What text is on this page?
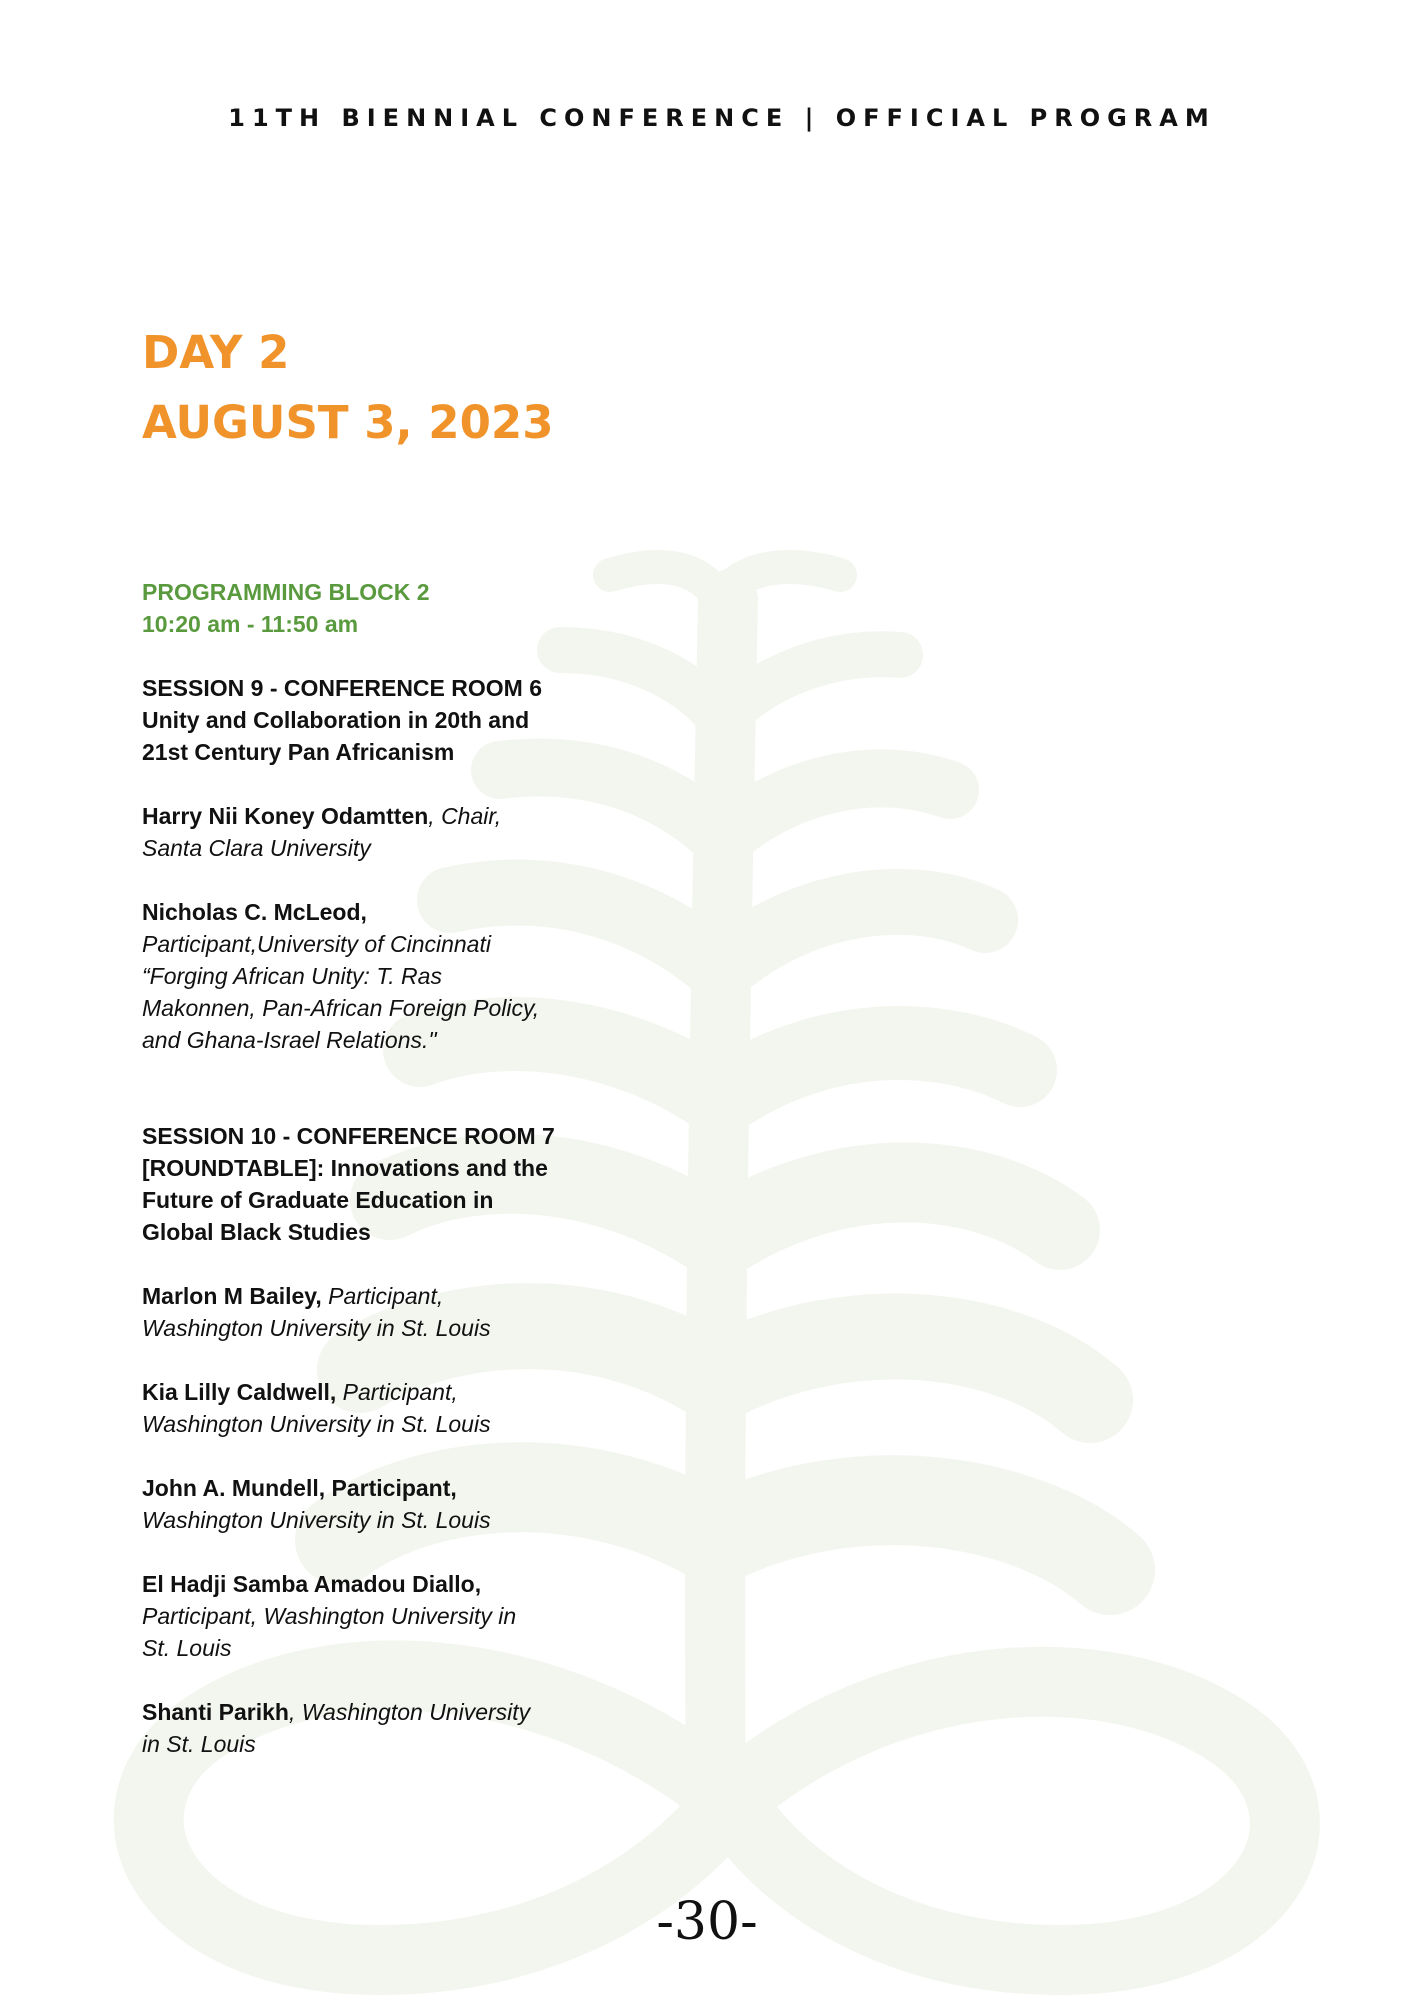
11TH BIENNIAL CONFERENCE | OFFICIAL PROGRAM
DAY 2
AUGUST 3, 2023
PROGRAMMING BLOCK 2
10:20 am - 11:50 am
SESSION 9 - CONFERENCE ROOM 6
Unity and Collaboration in 20th and
21st Century Pan Africanism
Harry Nii Koney Odamtten, Chair,
Santa Clara University
Nicholas C. McLeod,
Participant,University of Cincinnati
“Forging African Unity: T. Ras
Makonnen, Pan-African Foreign Policy,
and Ghana-Israel Relations."
SESSION 10 - CONFERENCE ROOM 7
[ROUNDTABLE]: Innovations and the
Future of Graduate Education in
Global Black Studies
Marlon M Bailey, Participant,
Washington University in St. Louis
Kia Lilly Caldwell, Participant,
Washington University in St. Louis
John A. Mundell, Participant,
Washington University in St. Louis
El Hadji Samba Amadou Diallo,
Participant, Washington University in
St. Louis
Shanti Parikh, Washington University
in St. Louis
-30-
